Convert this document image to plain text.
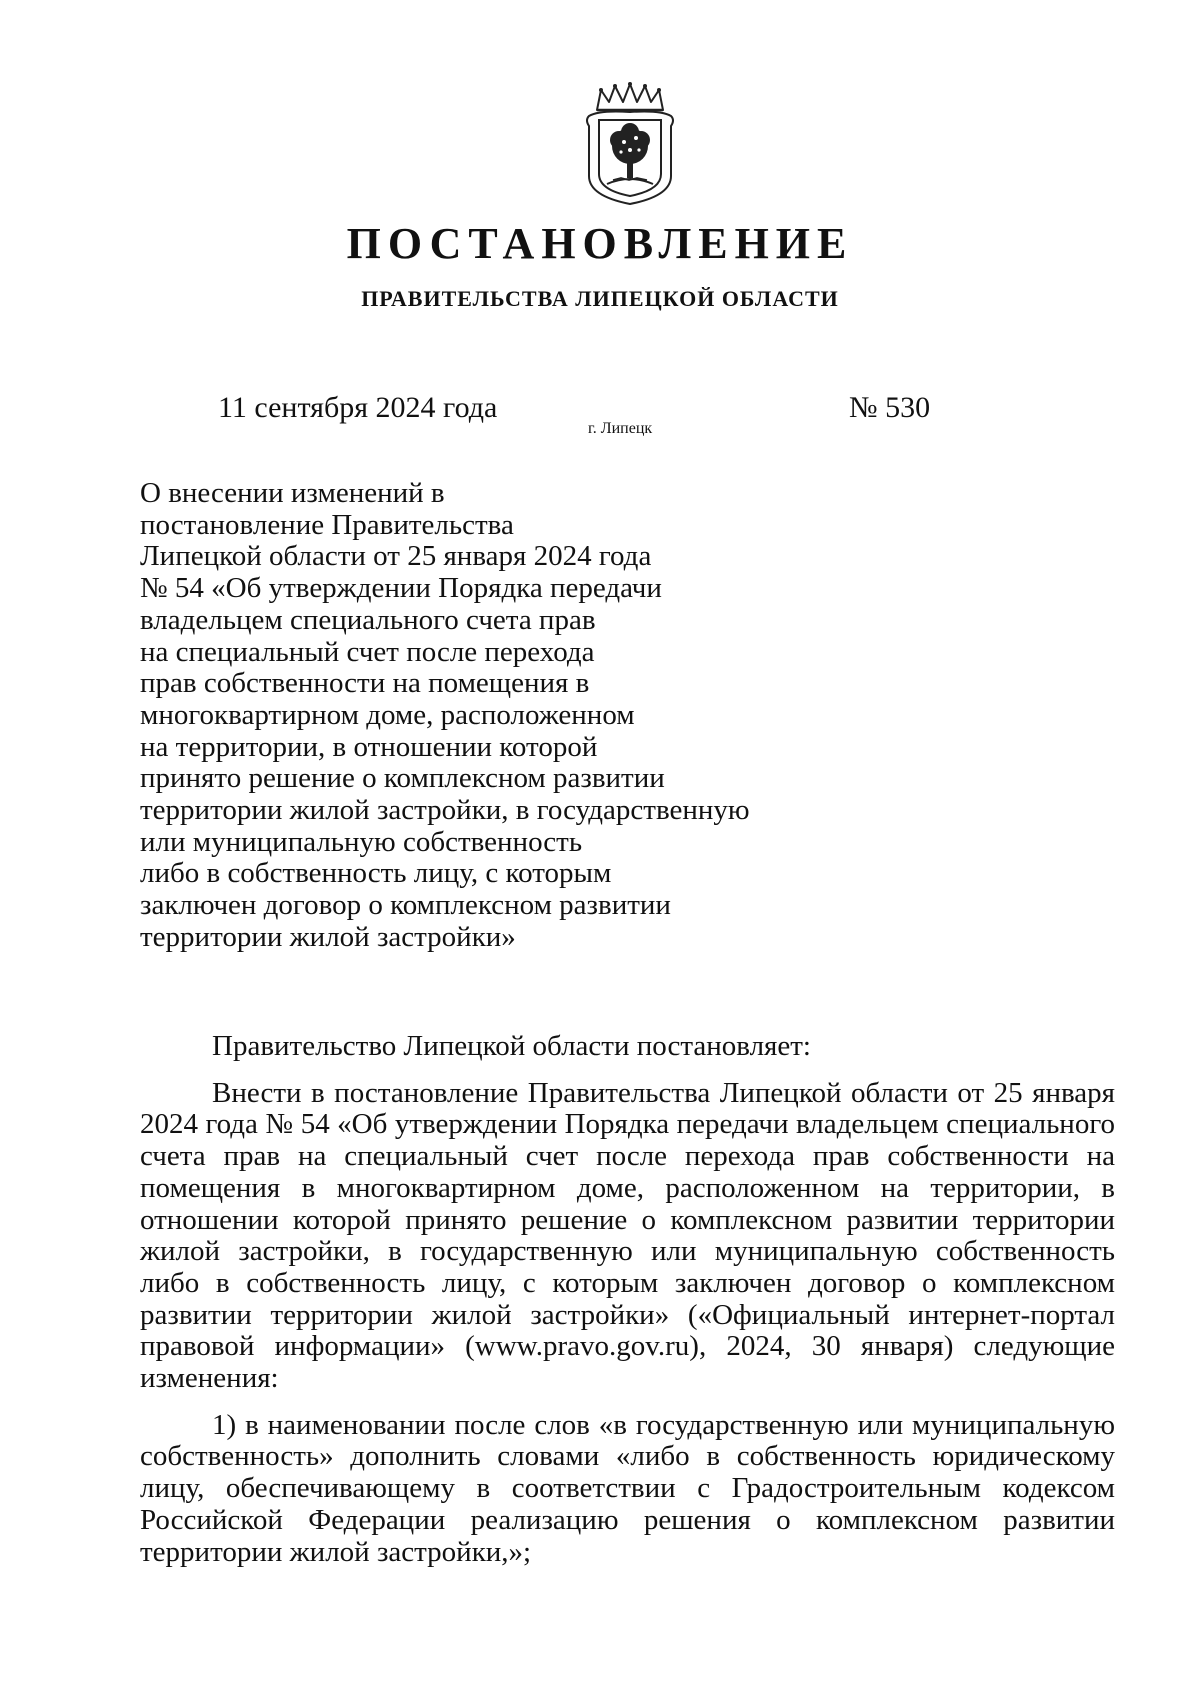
ПОСТАНОВЛЕНИЕ
ПРАВИТЕЛЬСТВА ЛИПЕЦКОЙ ОБЛАСТИ
11 сентября 2024 года
г. Липецк
№ 530
О внесении изменений в
постановление Правительства
Липецкой области от 25 января 2024 года
№ 54 «Об утверждении Порядка передачи
владельцем специального счета прав
на специальный счет после перехода
прав собственности на помещения в
многоквартирном доме, расположенном
на территории, в отношении которой
принято решение о комплексном развитии
территории жилой застройки, в государственную
или муниципальную собственность
либо в собственность лицу, с которым
заключен договор о комплексном развитии
территории жилой застройки»

Правительство Липецкой области постановляет:

Внести в постановление Правительства Липецкой области от 25 января 2024 года № 54 «Об утверждении Порядка передачи владельцем специального счета прав на специальный счет после перехода прав собственности на помещения в многоквартирном доме, расположенном на территории, в отношении которой принято решение о комплексном развитии территории жилой застройки, в государственную или муниципальную собственность либо в собственность лицу, с которым заключен договор о комплексном развитии территории жилой застройки» («Официальный интернет-портал правовой информации» (www.pravo.gov.ru), 2024, 30 января) следующие изменения:

1) в наименовании после слов «в государственную или муниципальную собственность» дополнить словами «либо в собственность юридическому лицу, обеспечивающему в соответствии с Градостроительным кодексом Российской Федерации реализацию решения о комплексном развитии территории жилой застройки,»;
